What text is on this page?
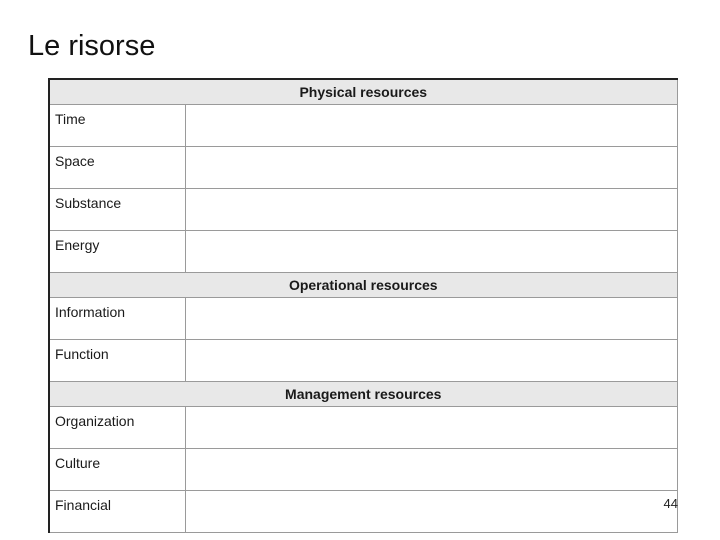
Le risorse
Physical resources	
Time	
Space	
Substance	
Energy	
Operational resources	
Information	
Function	
Management resources	
Organization	
Culture	
Financial		44
